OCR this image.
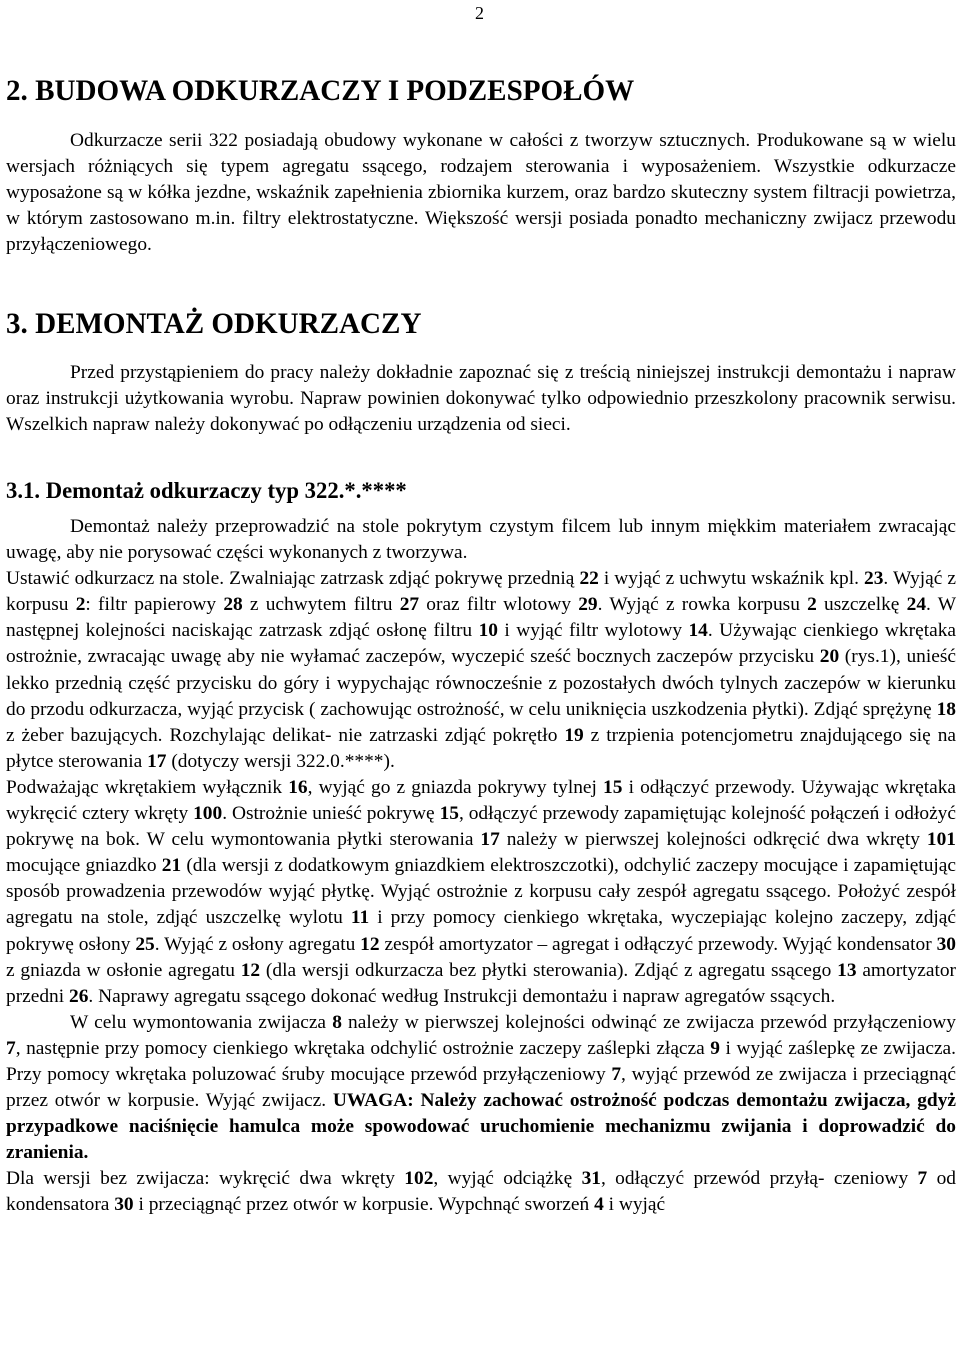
2
2. BUDOWA ODKURZACZY I PODZESPOŁÓW

Odkurzacze serii 322 posiadają obudowy wykonane w całości z tworzyw sztucznych. Produkowane są w wielu wersjach różniących się typem agregatu ssącego, rodzajem sterowania i wyposażeniem. Wszystkie odkurzacze wyposażone są w kółka jezdne, wskaźnik zapełnienia zbiornika kurzem, oraz bardzo skuteczny system filtracji powietrza, w którym zastosowano m.in. filtry elektrostatyczne. Większość wersji posiada ponadto mechaniczny zwijacz przewodu przyłączeniowego.

3. DEMONTAŻ ODKURZACZY

Przed przystąpieniem do pracy należy dokładnie zapoznać się z treścią niniejszej instrukcji demontażu i napraw oraz instrukcji użytkowania wyrobu. Napraw powinien dokonywać tylko odpowiednio przeszkolony pracownik serwisu. Wszelkich napraw należy dokonywać po odłączeniu urządzenia od sieci.

3.1. Demontaż odkurzaczy typ 322.*.****

Demontaż należy przeprowadzić na stole pokrytym czystym filcem lub innym miękkim materiałem zwracając uwagę, aby nie porysować części wykonanych z tworzywa.

Ustawić odkurzacz na stole. Zwalniając zatrzask zdjąć pokrywę przednią 22 i wyjąć z uchwytu wskaźnik kpl. 23. Wyjąć z korpusu 2: filtr papierowy 28 z uchwytem filtru 27 oraz filtr wlotowy 29. Wyjąć z rowka korpusu 2 uszczelkę 24. W następnej kolejności naciskając zatrzask zdjąć osłonę filtru 10 i wyjąć filtr wylotowy 14. Używając cienkiego wkrętaka ostrożnie, zwracając uwagę aby nie wyłamać zaczepów, wyczepić sześć bocznych zaczepów przycisku 20 (rys.1), unieść lekko przednią część przycisku do góry i wypychając równocześnie z pozostałych dwóch tylnych zaczepów w kierunku do przodu odkurzacza, wyjąć przycisk ( zachowując ostrożność, w celu uniknięcia uszkodzenia płytki). Zdjąć sprężynę 18 z żeber bazujących. Rozchylając delikat- nie zatrzaski zdjąć pokrętło 19 z trzpienia potencjometru znajdującego się na płytce sterowania 17 (dotyczy wersji 322.0.****).

Podważając wkrętakiem wyłącznik 16, wyjąć go z gniazda pokrywy tylnej 15 i odłączyć przewody. Używając wkrętaka wykręcić cztery wkręty 100. Ostrożnie unieść pokrywę 15, odłączyć przewody zapamiętując kolejność połączeń i odłożyć pokrywę na bok. W celu wymontowania płytki sterowania 17 należy w pierwszej kolejności odkręcić dwa wkręty 101 mocujące gniazdko 21 (dla wersji z dodatkowym gniazdkiem elektroszczotki), odchylić zaczepy mocujące i zapamiętując sposób prowadzenia przewodów wyjąć płytkę. Wyjąć ostrożnie z korpusu cały zespół agregatu ssącego. Położyć zespół agregatu na stole, zdjąć uszczelkę wylotu 11 i przy pomocy cienkiego wkrętaka, wyczepiając kolejno zaczepy, zdjąć pokrywę osłony 25. Wyjąć z osłony agregatu 12 zespół amortyzator – agregat i odłączyć przewody. Wyjąć kondensator 30 z gniazda w osłonie agregatu 12 (dla wersji odkurzacza bez płytki sterowania). Zdjąć z agregatu ssącego 13 amortyzator przedni 26. Naprawy agregatu ssącego dokonać według Instrukcji demontażu i napraw agregatów ssących.

W celu wymontowania zwijacza 8 należy w pierwszej kolejności odwinąć ze zwijacza przewód przyłączeniowy 7, następnie przy pomocy cienkiego wkrętaka odchylić ostrożnie zaczepy zaślepki złącza 9 i wyjąć zaślepkę ze zwijacza. Przy pomocy wkrętaka poluzować śruby mocujące przewód przyłączeniowy 7, wyjąć przewód ze zwijacza i przeciągnąć przez otwór w korpusie. Wyjąć zwijacz. UWAGA: Należy zachować ostrożność podczas demontażu zwijacza, gdyż przypadkowe naciśnięcie hamulca może spowodować uruchomienie mechanizmu zwijania i doprowadzić do zranienia.

Dla wersji bez zwijacza: wykręcić dwa wkręty 102, wyjąć odciążkę 31, odłączyć przewód przyłą- czeniowy 7 od kondensatora 30 i przeciągnąć przez otwór w korpusie. Wypchnąć sworzeń 4 i wyjąć
